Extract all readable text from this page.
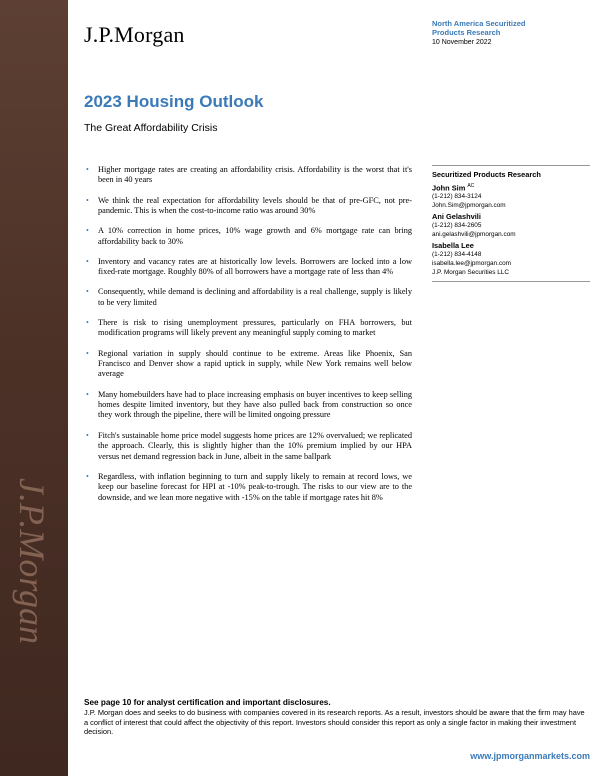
J.P.Morgan
J.P.Morgan	North America Securitized
Products Research
10 November 2022
2023 Housing Outlook
The Great Affordability Crisis
• Higher mortgage rates are creating an affordability crisis. Affordability is the worst that it's been in 40 years
• We think the real expectation for affordability levels should be that of pre-GFC, not pre-pandemic. This is when the cost-to-income ratio was around 30%
• A 10% correction in home prices, 10% wage growth and 6% mortgage rate can bring affordability back to 30%
• Inventory and vacancy rates are at historically low levels. Borrowers are locked into a low fixed-rate mortgage. Roughly 80% of all borrowers have a mortgage rate of less than 4%
• Consequently, while demand is declining and affordability is a real challenge, supply is likely to be very limited
• There is risk to rising unemployment pressures, particularly on FHA borrowers, but modification programs will likely prevent any meaningful supply coming to market
• Regional variation in supply should continue to be extreme. Areas like Phoenix, San Francisco and Denver show a rapid uptick in supply, while New York remains well below average
• Many homebuilders have had to place increasing emphasis on buyer incentives to keep selling homes despite limited inventory, but they have also pulled back from construction so once they work through the pipeline, there will be limited ongoing pressure
• Fitch's sustainable home price model suggests home prices are 12% overvalued; we replicated the approach. Clearly, this is slightly higher than the 10% premium implied by our HPA versus net demand regression back in June, albeit in the same ballpark
• Regardless, with inflation beginning to turn and supply likely to remain at record lows, we keep our baseline forecast for HPI at -10% peak-to-trough. The risks to our view are to the downside, and we lean more negative with -15% on the table if mortgage rates hit 8%
Securitized Products Research
John Sim $^{AC}$
(1-212) 834-3124
John.Sim@jpmorgan.com
Ani Gelashvili
(1-212) 834-2605
ani.gelashvili@jpmorgan.com
Isabella Lee
(1-212) 834-4148
isabella.lee@jpmorgan.com
J.P. Morgan Securities LLC
See page 10 for analyst certification and important disclosures.
J.P. Morgan does and seeks to do business with companies covered in its research reports. As a result, investors should be aware that the firm may have a conflict of interest that could affect the objectivity of this report. Investors should consider this report as only a single factor in making their investment decision.
www.jpmorganmarkets.com
